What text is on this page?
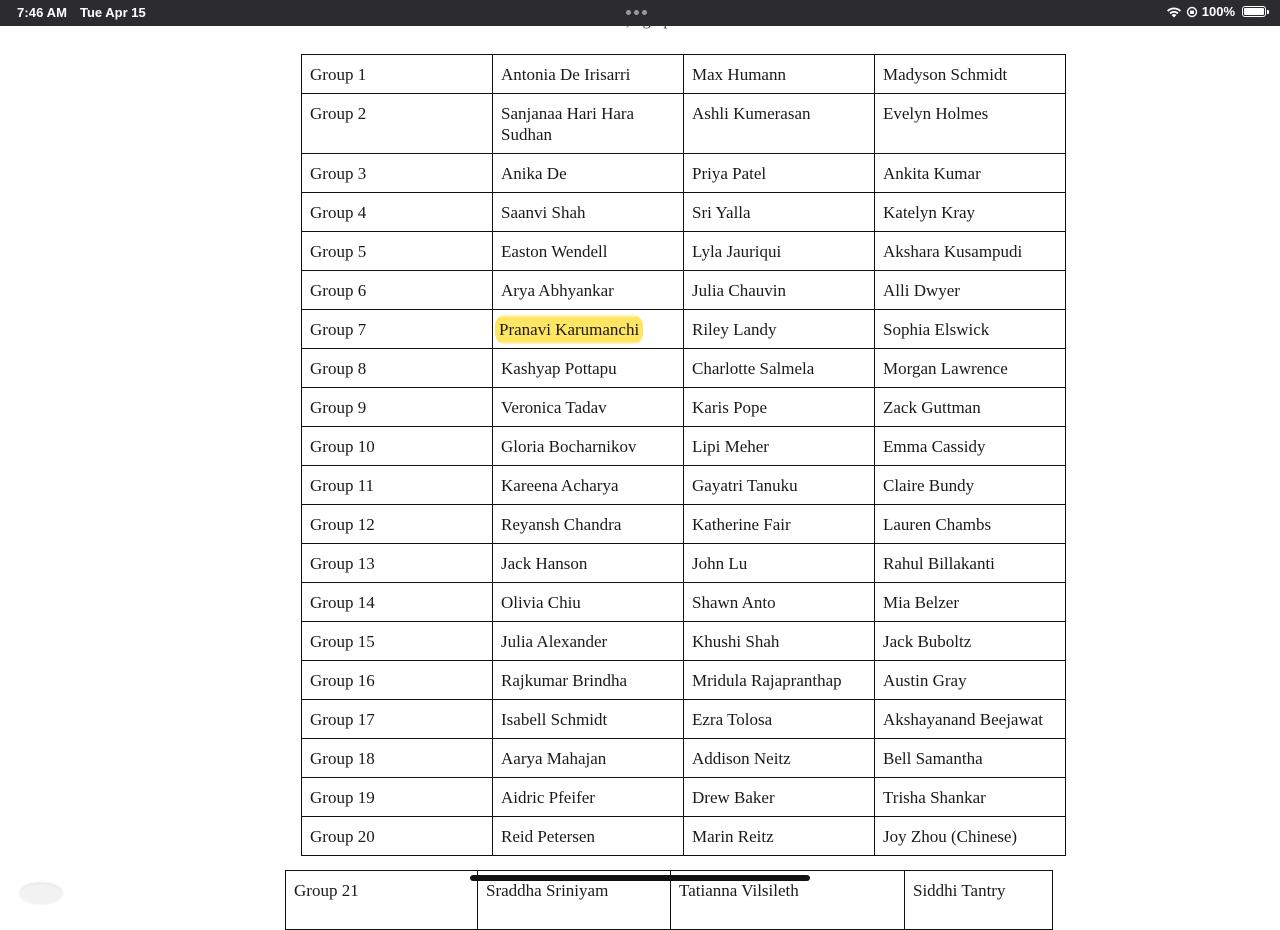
7:46 AM Tue Apr 15	100%
Group 1	Antonia De Irisarri	Max Humann	Madyson Schmidt
Group 2	Sanjanaa Hari Hara Sudhan	Ashli Kumerasan	Evelyn Holmes
Group 3	Anika De	Priya Patel	Ankita Kumar
Group 4	Saanvi Shah	Sri Yalla	Katelyn Kray
Group 5	Easton Wendell	Lyla Jauriqui	Akshara Kusampudi
Group 6	Arya Abhyankar	Julia Chauvin	Alli Dwyer
Group 7	Pranavi Karumanchi	Riley Landy	Sophia Elswick
Group 8	Kashyap Pottapu	Charlotte Salmela	Morgan Lawrence
Group 9	Veronica Tadav	Karis Pope	Zack Guttman
Group 10	Gloria Bocharnikov	Lipi Meher	Emma Cassidy
Group 11	Kareena Acharya	Gayatri Tanuku	Claire Bundy
Group 12	Reyansh Chandra	Katherine Fair	Lauren Chambs
Group 13	Jack Hanson	John Lu	Rahul Billakanti
Group 14	Olivia Chiu	Shawn Anto	Mia Belzer
Group 15	Julia Alexander	Khushi Shah	Jack Buboltz
Group 16	Rajkumar Brindha	Mridula Rajapranthap	Austin Gray
Group 17	Isabell Schmidt	Ezra Tolosa	Akshayanand Beejawat
Group 18	Aarya Mahajan	Addison Neitz	Bell Samantha
Group 19	Aidric Pfeifer	Drew Baker	Trisha Shankar
Group 20	Reid Petersen	Marin Reitz	Joy Zhou (Chinese)
Group 21	Sraddha Sriniyam	Tatianna Vilsileth	Siddhi Tantry
